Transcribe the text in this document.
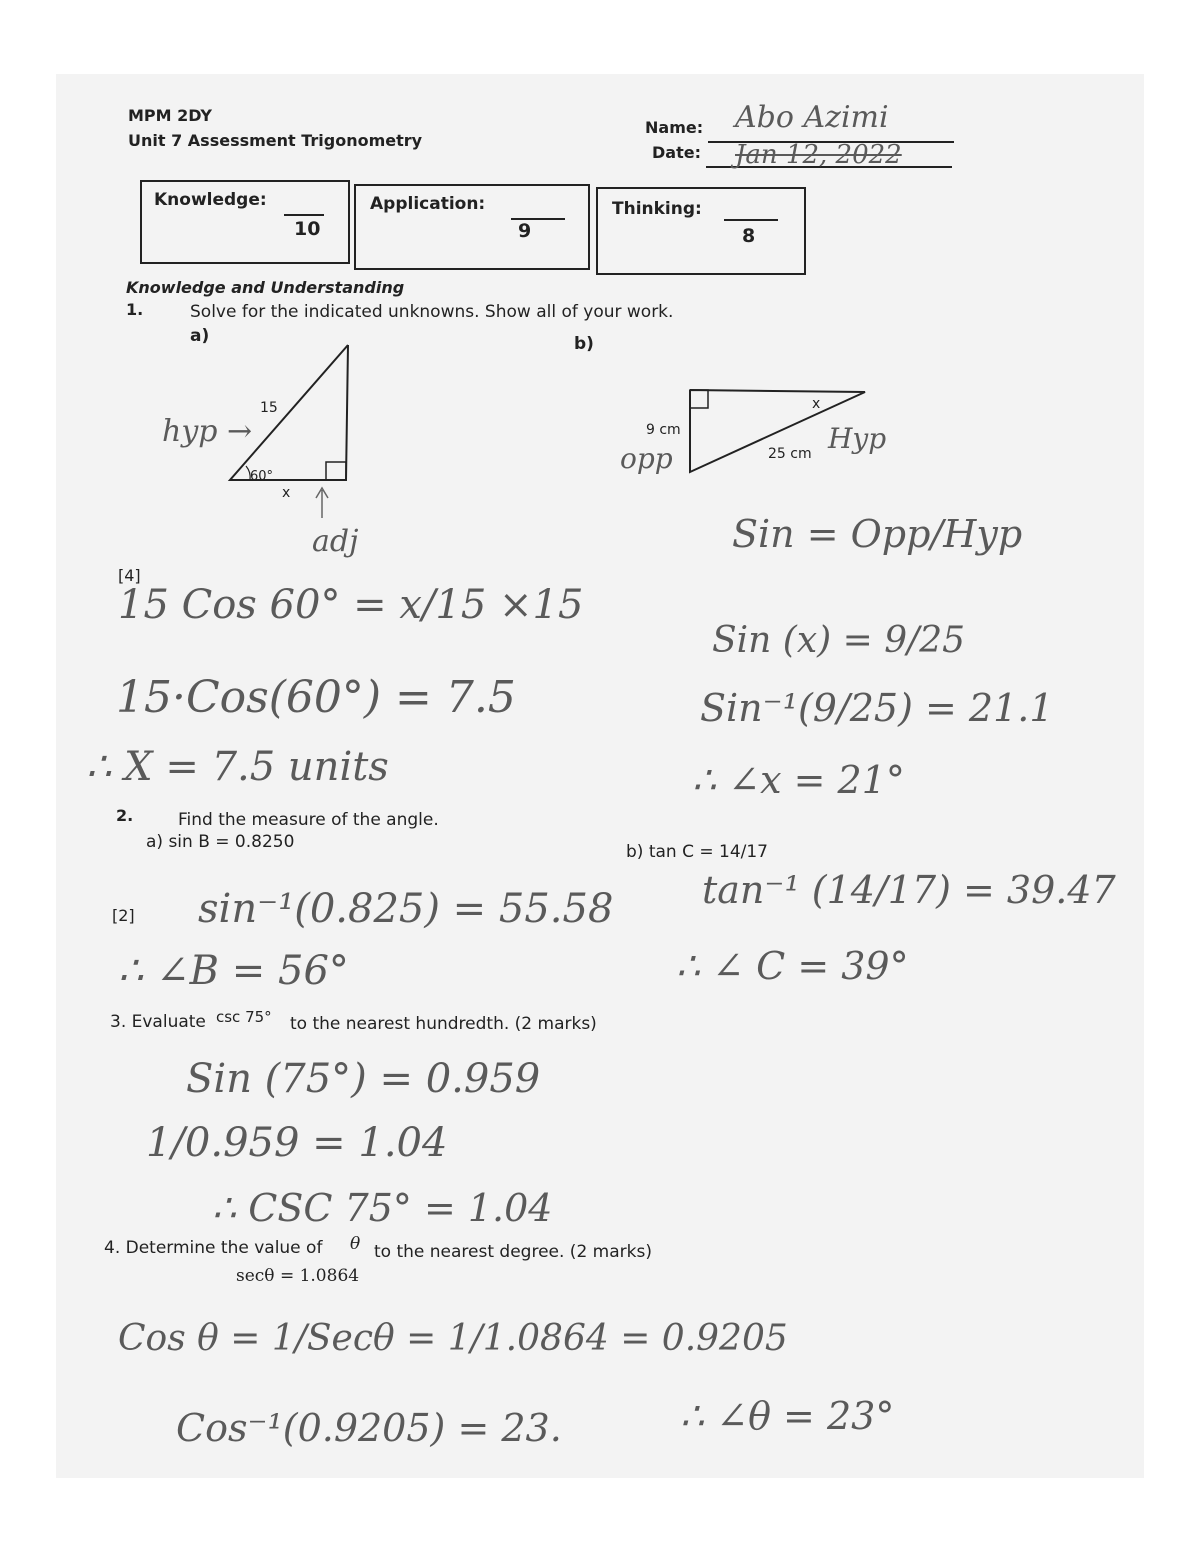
MPM 2DY
Unit 7 Assessment Trigonometry
Name: Abo Azimi
Date: Jan 12, 2022
Knowledge:
10
Application:
9
Thinking:
8
Knowledge and Understanding
1.	Solve for the indicated unknowns. Show all of your work.
a)	b)
15
60°
x
hyp →
adj
9 cm
25 cm
x
opp
Hyp
[4]
15 Cos 60° = x/15 ×15
15·Cos(60°) = 7.5
∴ X = 7.5 units
Sin = Opp/Hyp
Sin (x) = 9/25
Sin⁻¹(9/25) = 21.1
∴ ∠x = 21°
2.	Find the measure of the angle.
a) sin B = 0.8250	b) tan C = 14/17
[2] sin⁻¹(0.825) = 55.58
∴ ∠B = 56°
tan⁻¹ (14/17) = 39.47
∴ ∠ C = 39°
3. Evaluate csc 75° to the nearest hundredth. (2 marks)
Sin (75°) = 0.959
1/0.959 = 1.04
∴ CSC 75° = 1.04
4. Determine the value of θ to the nearest degree. (2 marks)
secθ = 1.0864
Cos θ = 1/Secθ = 1/1.0864 = 0.9205
Cos⁻¹(0.9205) = 23.	∴ ∠θ = 23°
